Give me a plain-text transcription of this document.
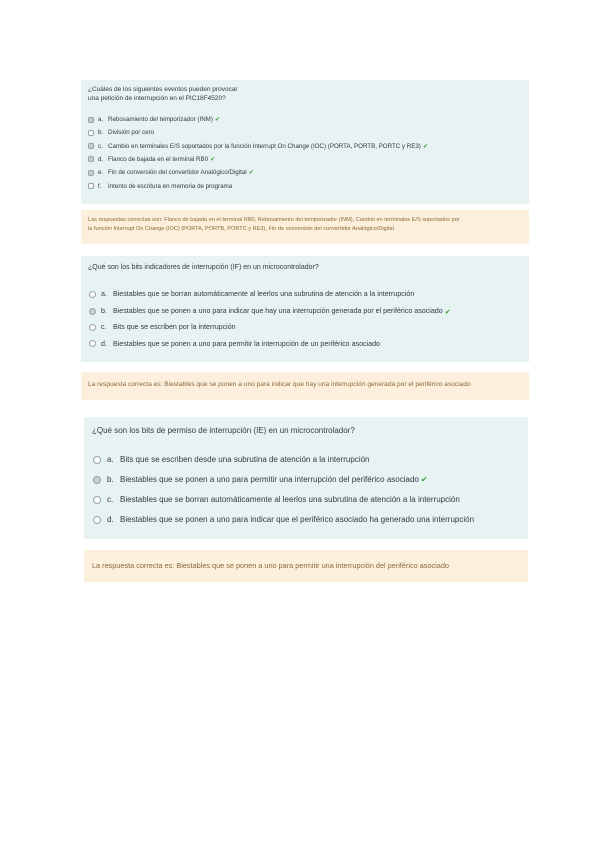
¿Cuáles de los siguientes eventos pueden provocar
una petición de interrupción en el PIC18F4520?
a. Rebosamiento del temporizador (INM) ✔
b. División por cero
c. Cambio en terminales E/S soportados por la función Interrupt On Change (IOC) (PORTA, PORTB, PORTC y RE3) ✔
d. Flanco de bajada en el terminal RB0 ✔
e. Fin de conversión del convertidor Analógico/Digital ✔
f.	Intento de escritura en memoria de programa
Las respuestas correctas son: Flanco de bajada en el terminal RB0, Rebosamiento del temporizador (INM), Cambio en terminales E/S soportados por
la función Interrupt On Change (IOC) (PORTA, PORTB, PORTC y RE3), Fin de conversión del convertidor Analógico/Digital
¿Qué son los bits indicadores de interrupción (IF) en un microcontrolador?
a. Biestables que se borran automáticamente al leerlos una subrutina de atención a la interrupción
b. Biestables que se ponen a uno para indicar que hay una interrupción generada por el periférico asociado ✔
c. Bits que se escriben por la interrupción
d. Biestables que se ponen a uno para permitir la interrupción de un periférico asociado
La respuesta correcta es: Biestables que se ponen a uno para indicar que hay una interrupción generada por el periférico asociado
¿Qué son los bits de permiso de interrupción (IE) en un microcontrolador?
a. Bits que se escriben desde una subrutina de atención a la interrupción
b. Biestables que se ponen a uno para permitir una interrupción del periférico asociado ✔
c. Biestables que se borran automáticamente al leerlos una subrutina de atención a la interrupción
d. Biestables que se ponen a uno para indicar que el periférico asociado ha generado una interrupción
La respuesta correcta es: Biestables que se ponen a uno para permitir una interrupción del periférico asociado
